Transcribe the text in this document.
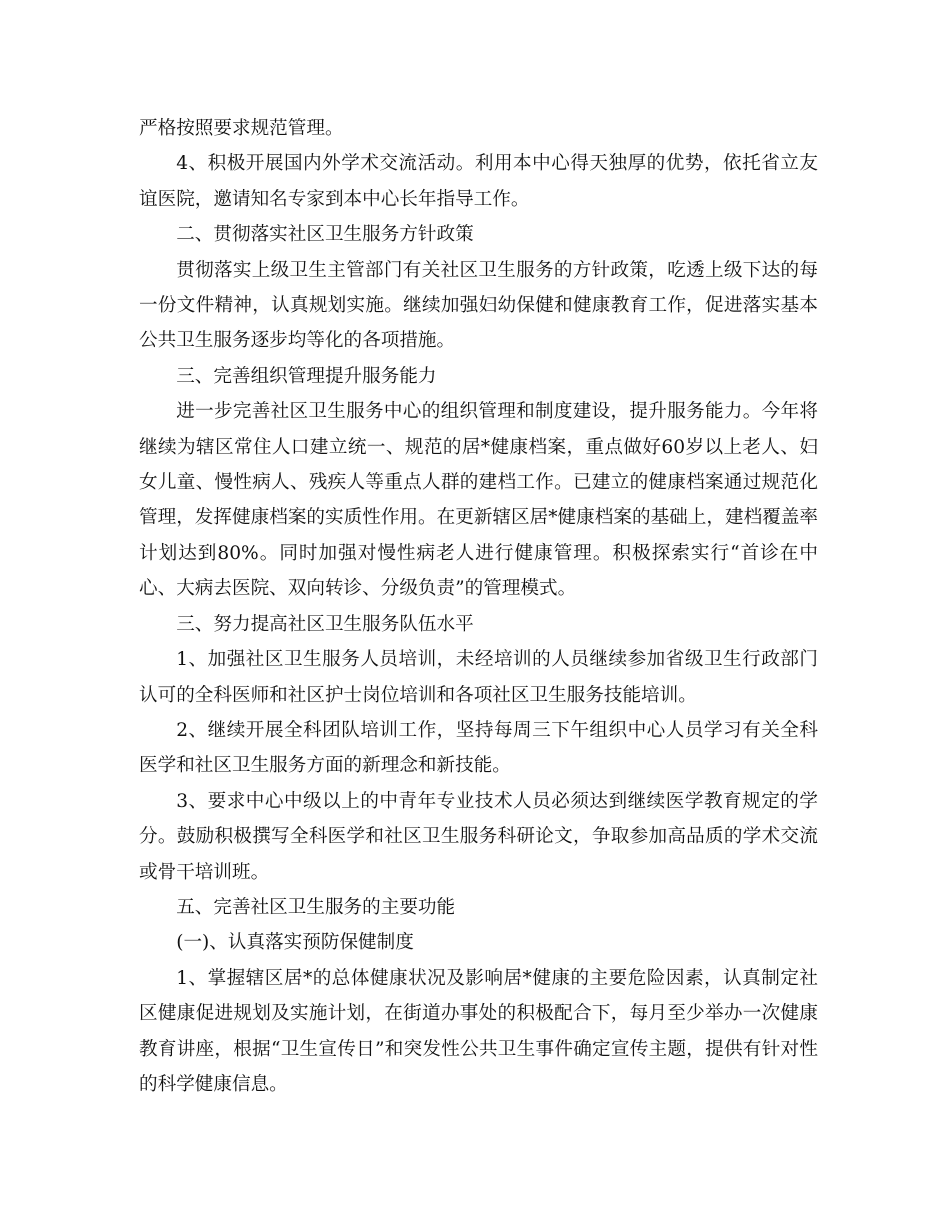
严格按照要求规范管理。

4、积极开展国内外学术交流活动。利用本中心得天独厚的优势，依托省立友谊医院，邀请知名专家到本中心长年指导工作。

二、贯彻落实社区卫生服务方针政策

贯彻落实上级卫生主管部门有关社区卫生服务的方针政策，吃透上级下达的每一份文件精神，认真规划实施。继续加强妇幼保健和健康教育工作，促进落实基本公共卫生服务逐步均等化的各项措施。

三、完善组织管理提升服务能力

进一步完善社区卫生服务中心的组织管理和制度建设，提升服务能力。今年将继续为辖区常住人口建立统一、规范的居*健康档案，重点做好60岁以上老人、妇女儿童、慢性病人、残疾人等重点人群的建档工作。已建立的健康档案通过规范化管理，发挥健康档案的实质性作用。在更新辖区居*健康档案的基础上，建档覆盖率计划达到80%。同时加强对慢性病老人进行健康管理。积极探索实行“首诊在中心、大病去医院、双向转诊、分级负责”的管理模式。

三、努力提高社区卫生服务队伍水平

1、加强社区卫生服务人员培训，未经培训的人员继续参加省级卫生行政部门认可的全科医师和社区护士岗位培训和各项社区卫生服务技能培训。

2、继续开展全科团队培训工作，坚持每周三下午组织中心人员学习有关全科医学和社区卫生服务方面的新理念和新技能。

3、要求中心中级以上的中青年专业技术人员必须达到继续医学教育规定的学分。鼓励积极撰写全科医学和社区卫生服务科研论文，争取参加高品质的学术交流或骨干培训班。

五、完善社区卫生服务的主要功能

(一)、认真落实预防保健制度

1、掌握辖区居*的总体健康状况及影响居*健康的主要危险因素，认真制定社区健康促进规划及实施计划，在街道办事处的积极配合下，每月至少举办一次健康教育讲座，根据“卫生宣传日”和突发性公共卫生事件确定宣传主题，提供有针对性的科学健康信息。
